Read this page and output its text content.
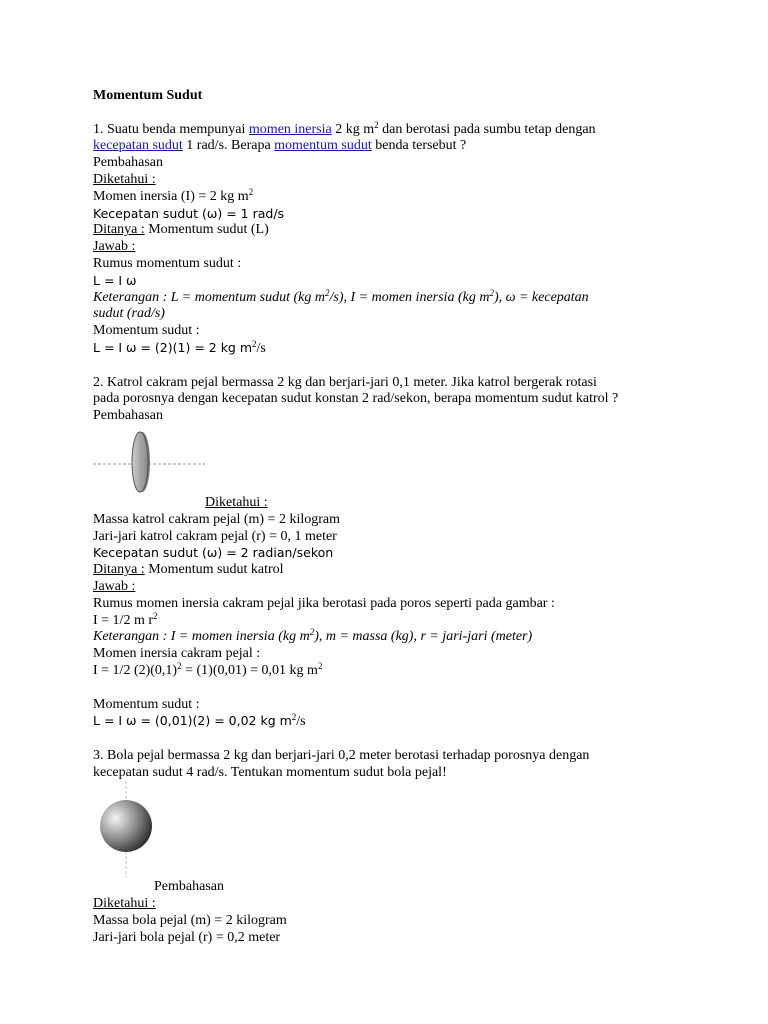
Momentum Sudut
1. Suatu benda mempunyai momen inersia 2 kg $m^2$ dan berotasi pada sumbu tetap dengan
kecepatan sudut 1 rad/s. Berapa momentum sudut benda tersebut ?
Pembahasan
Diketahui :
Momen inersia (I) = 2 kg $m^2$
Kecepatan sudut (ω) = 1 rad/s
Ditanya : Momentum sudut (L)
Jawab :
Rumus momentum sudut :
L = I ω
Keterangan : L = momentum sudut (kg $m^2/s$), I = momen inersia (kg $m^2$), ω = kecepatan
sudut (rad/s)
Momentum sudut :
L = I ω = (2)(1) = 2 kg $m^2/s$
2. Katrol cakram pejal bermassa 2 kg dan berjari-jari 0,1 meter. Jika katrol bergerak rotasi
pada porosnya dengan kecepatan sudut konstan 2 rad/sekon, berapa momentum sudut katrol ?
Pembahasan
Diketahui :
Massa katrol cakram pejal (m) = 2 kilogram
Jari-jari katrol cakram pejal (r) = 0, 1 meter
Kecepatan sudut (ω) = 2 radian/sekon
Ditanya : Momentum sudut katrol
Jawab :
Rumus momen inersia cakram pejal jika berotasi pada poros seperti pada gambar :
I = 1/2 m $r^2$
Keterangan : I = momen inersia (kg $m^2$), m = massa (kg), r = jari-jari (meter)
Momen inersia cakram pejal :
I = 1/2 $(2)(0,1)^2 = (1)(0,01) = 0,01$ kg $m^2$
Momentum sudut :
L = I ω = (0,01)(2) = 0,02 kg $m^2/s$
3. Bola pejal bermassa 2 kg dan berjari-jari 0,2 meter berotasi terhadap porosnya dengan
kecepatan sudut 4 rad/s. Tentukan momentum sudut bola pejal!
Pembahasan
Diketahui :
Massa bola pejal (m) = 2 kilogram
Jari-jari bola pejal (r) = 0,2 meter
